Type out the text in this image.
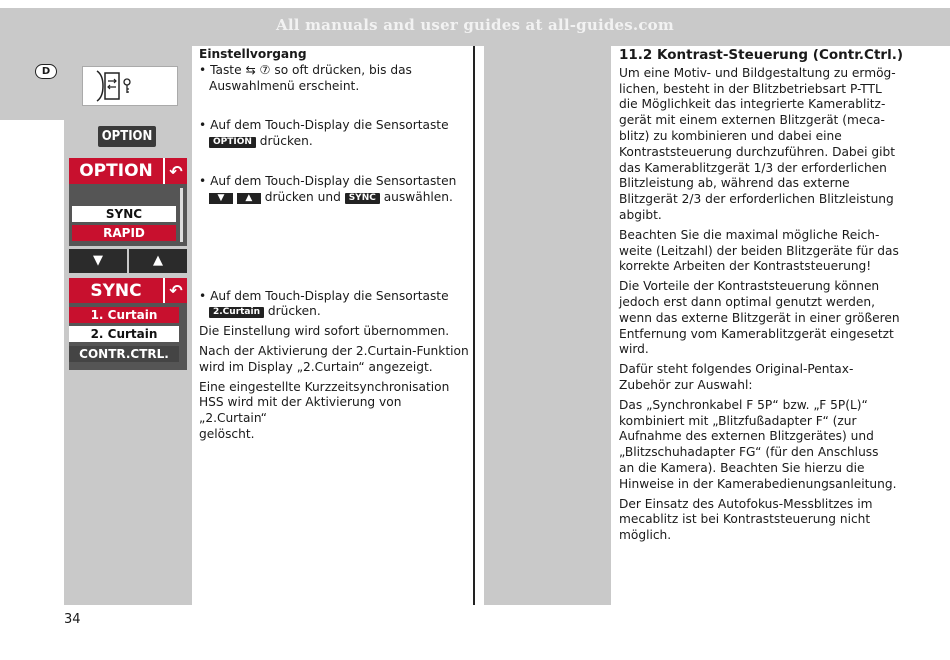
All manuals and user guides at all-guides.com
D
OPTION
OPTION	↶
SYNC
RAPID
▼	▲
SYNC	↶
1. Curtain
2. Curtain
CONTR.CTRL.
Einstellvorgang
• Taste ⇆ ⑦ so oft drücken, bis das
Auswahlmenü erscheint.
• Auf dem Touch-Display die Sensortaste
OPTION drücken.
• Auf dem Touch-Display die Sensortasten
▼ ▲ drücken und SYNC auswählen.
• Auf dem Touch-Display die Sensortaste
2.Curtain drücken.
Die Einstellung wird sofort übernommen.
Nach der Aktivierung der 2.Curtain-Funktion
wird im Display „2.Curtain“ angezeigt.
Eine eingestellte Kurzzeitsynchronisation
HSS wird mit der Aktivierung von „2.Curtain“
gelöscht.
11.2 Kontrast-Steuerung (Contr.Ctrl.)
Um eine Motiv- und Bildgestaltung zu ermög-
lichen, besteht in der Blitzbetriebsart P-TTL
die Möglichkeit das integrierte Kamerablitz-
gerät mit einem externen Blitzgerät (meca-
blitz) zu kombinieren und dabei eine
Kontraststeuerung durchzuführen. Dabei gibt
das Kamerablitzgerät 1/3 der erforderlichen
Blitzleistung ab, während das externe
Blitzgerät 2/3 der erforderlichen Blitzleistung
abgibt.
Beachten Sie die maximal mögliche Reich-
weite (Leitzahl) der beiden Blitzgeräte für das
korrekte Arbeiten der Kontraststeuerung!
Die Vorteile der Kontraststeuerung können
jedoch erst dann optimal genutzt werden,
wenn das externe Blitzgerät in einer größeren
Entfernung vom Kamerablitzgerät eingesetzt
wird.
Dafür steht folgendes Original-Pentax-
Zubehör zur Auswahl:
Das „Synchronkabel F 5P“ bzw. „F 5P(L)“
kombiniert mit „Blitzfußadapter F“ (zur
Aufnahme des externen Blitzgerätes) und
„Blitzschuhadapter FG“ (für den Anschluss
an die Kamera). Beachten Sie hierzu die
Hinweise in der Kamerabedienungsanleitung.
Der Einsatz des Autofokus-Messblitzes im
mecablitz ist bei Kontraststeuerung nicht
möglich.
34
